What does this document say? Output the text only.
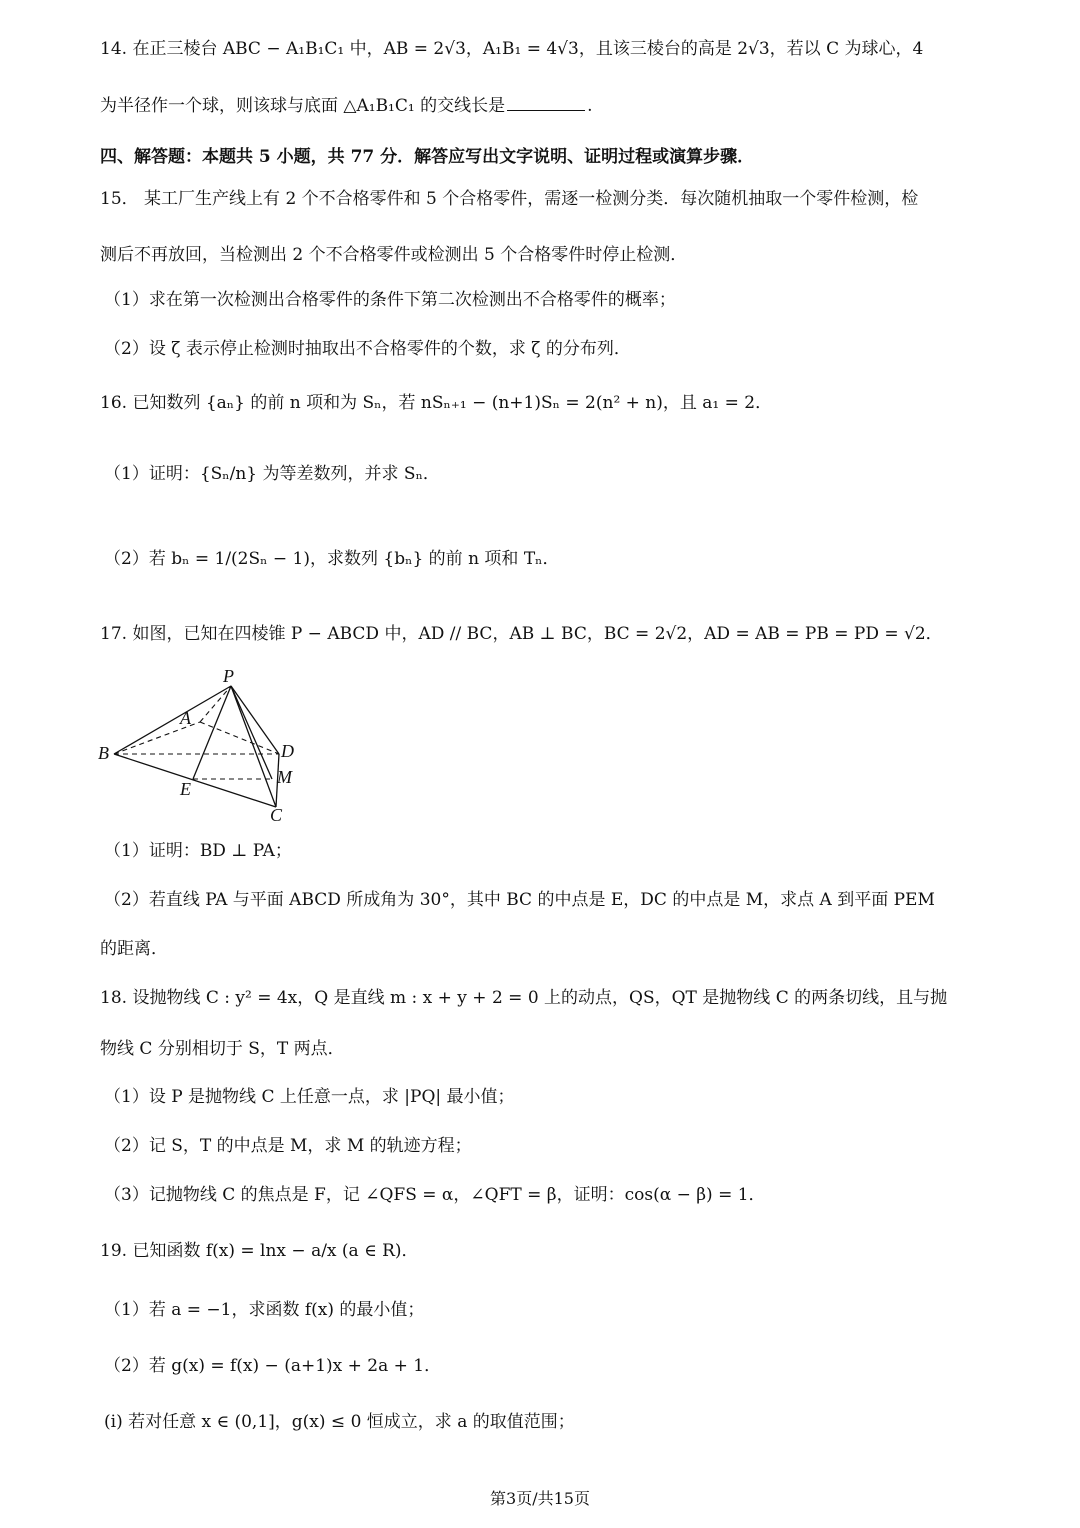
14. 在正三棱台 ABC − A₁B₁C₁ 中，AB = 2√3，A₁B₁ = 4√3，且该三棱台的高是 2√3，若以 C 为球心，4
为半径作一个球，则该球与底面 △A₁B₁C₁ 的交线长是	.
四、解答题：本题共 5 小题，共 77 分．解答应写出文字说明、证明过程或演算步骤．
15． 某工厂生产线上有 2 个不合格零件和 5 个合格零件，需逐一检测分类．每次随机抽取一个零件检测，检
测后不再放回，当检测出 2 个不合格零件或检测出 5 个合格零件时停止检测．
（1）求在第一次检测出合格零件的条件下第二次检测出不合格零件的概率；
（2）设 ζ 表示停止检测时抽取出不合格零件的个数，求 ζ 的分布列．
16. 已知数列 {aₙ} 的前 n 项和为 Sₙ，若 nSₙ₊₁ − (n+1)Sₙ = 2(n² + n)，且 a₁ = 2．
（1）证明：{Sₙ/n} 为等差数列，并求 Sₙ．
（2）若 bₙ = 1/(2Sₙ − 1)，求数列 {bₙ} 的前 n 项和 Tₙ．
17. 如图，已知在四棱锥 P − ABCD 中，AD // BC，AB ⊥ BC，BC = 2√2，AD = AB = PB = PD = √2．
P
A
B	D
M
E
C
（1）证明：BD ⊥ PA；
（2）若直线 PA 与平面 ABCD 所成角为 30°，其中 BC 的中点是 E，DC 的中点是 M，求点 A 到平面 PEM
的距离．
18. 设抛物线 C : y² = 4x，Q 是直线 m : x + y + 2 = 0 上的动点，QS，QT 是抛物线 C 的两条切线，且与抛
物线 C 分别相切于 S，T 两点．
（1）设 P 是抛物线 C 上任意一点，求 |PQ| 最小值；
（2）记 S，T 的中点是 M，求 M 的轨迹方程；
（3）记抛物线 C 的焦点是 F，记 ∠QFS = α，∠QFT = β，证明：cos(α − β) = 1．
19. 已知函数 f(x) = lnx − a/x (a ∈ R)．
（1）若 a = −1，求函数 f(x) 的最小值；
（2）若 g(x) = f(x) − (a+1)x + 2a + 1．
(ⅰ) 若对任意 x ∈ (0,1]，g(x) ≤ 0 恒成立，求 a 的取值范围；
第3页/共15页
